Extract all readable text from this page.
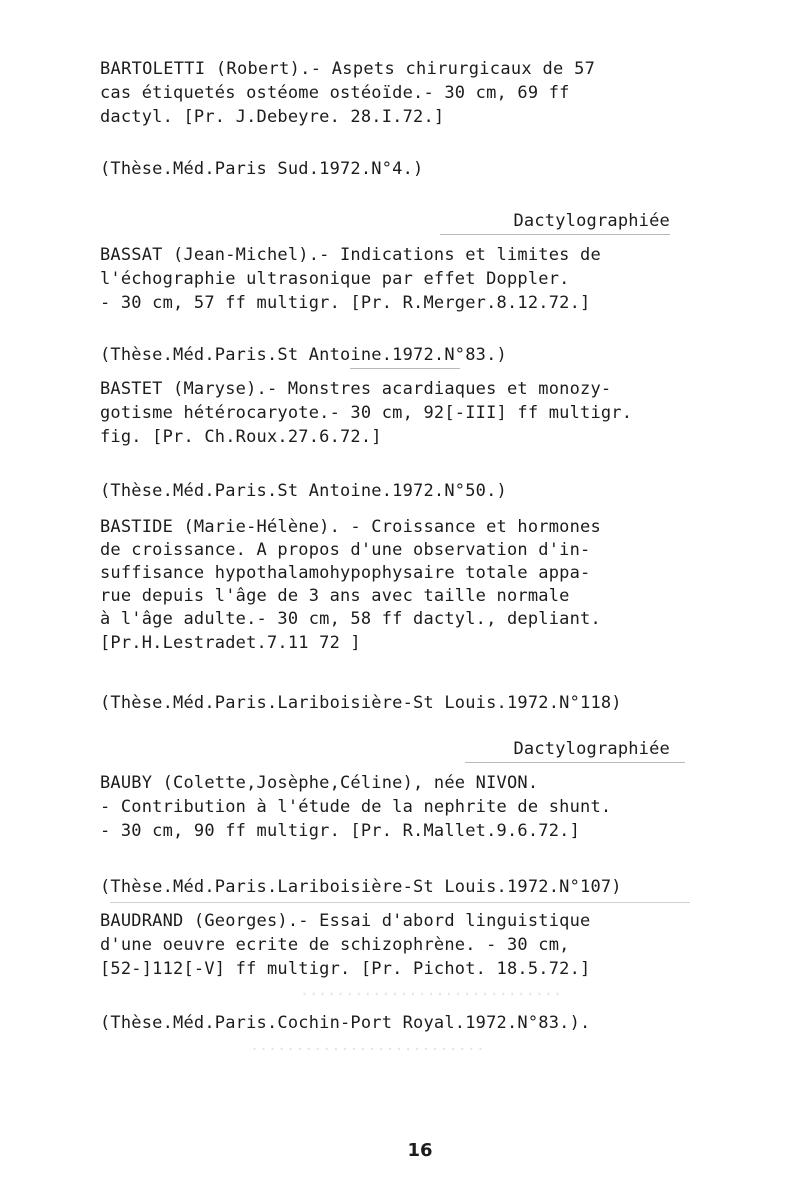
··························
·····························
BARTOLETTI (Robert).- Aspets chirurgicaux de 57
cas étiquetés ostéome ostéoïde.- 30 cm, 69 ff
dactyl. [Pr. J.Debeyre. 28.I.72.]
(Thèse.Méd.Paris Sud.1972.N°4.)
Dactylographiée
BASSAT (Jean-Michel).- Indications et limites de
l'échographie ultrasonique par effet Doppler.
- 30 cm, 57 ff multigr. [Pr. R.Merger.8.12.72.]
(Thèse.Méd.Paris.St Antoine.1972.N°83.)
BASTET (Maryse).- Monstres acardiaques et monozy-
gotisme hétérocaryote.- 30 cm, 92[-III] ff multigr.
fig. [Pr. Ch.Roux.27.6.72.]
(Thèse.Méd.Paris.St Antoine.1972.N°50.)
BASTIDE (Marie-Hélène). - Croissance et hormones
de croissance. A propos d'une observation d'in-
suffisance hypothalamohypophysaire totale appa-
rue depuis l'âge de 3 ans avec taille normale
à l'âge adulte.- 30 cm, 58 ff dactyl., depliant.
[Pr.H.Lestradet.7.11 72 ]
(Thèse.Méd.Paris.Lariboisière-St Louis.1972.N°118)
Dactylographiée
BAUBY (Colette,Josèphe,Céline), née NIVON.
- Contribution à l'étude de la nephrite de shunt.
- 30 cm, 90 ff multigr. [Pr. R.Mallet.9.6.72.]
(Thèse.Méd.Paris.Lariboisière-St Louis.1972.N°107)
BAUDRAND (Georges).- Essai d'abord linguistique
d'une oeuvre ecrite de schizophrène. - 30 cm,
[52-]112[-V] ff multigr. [Pr. Pichot. 18.5.72.]
(Thèse.Méd.Paris.Cochin-Port Royal.1972.N°83.).
16
